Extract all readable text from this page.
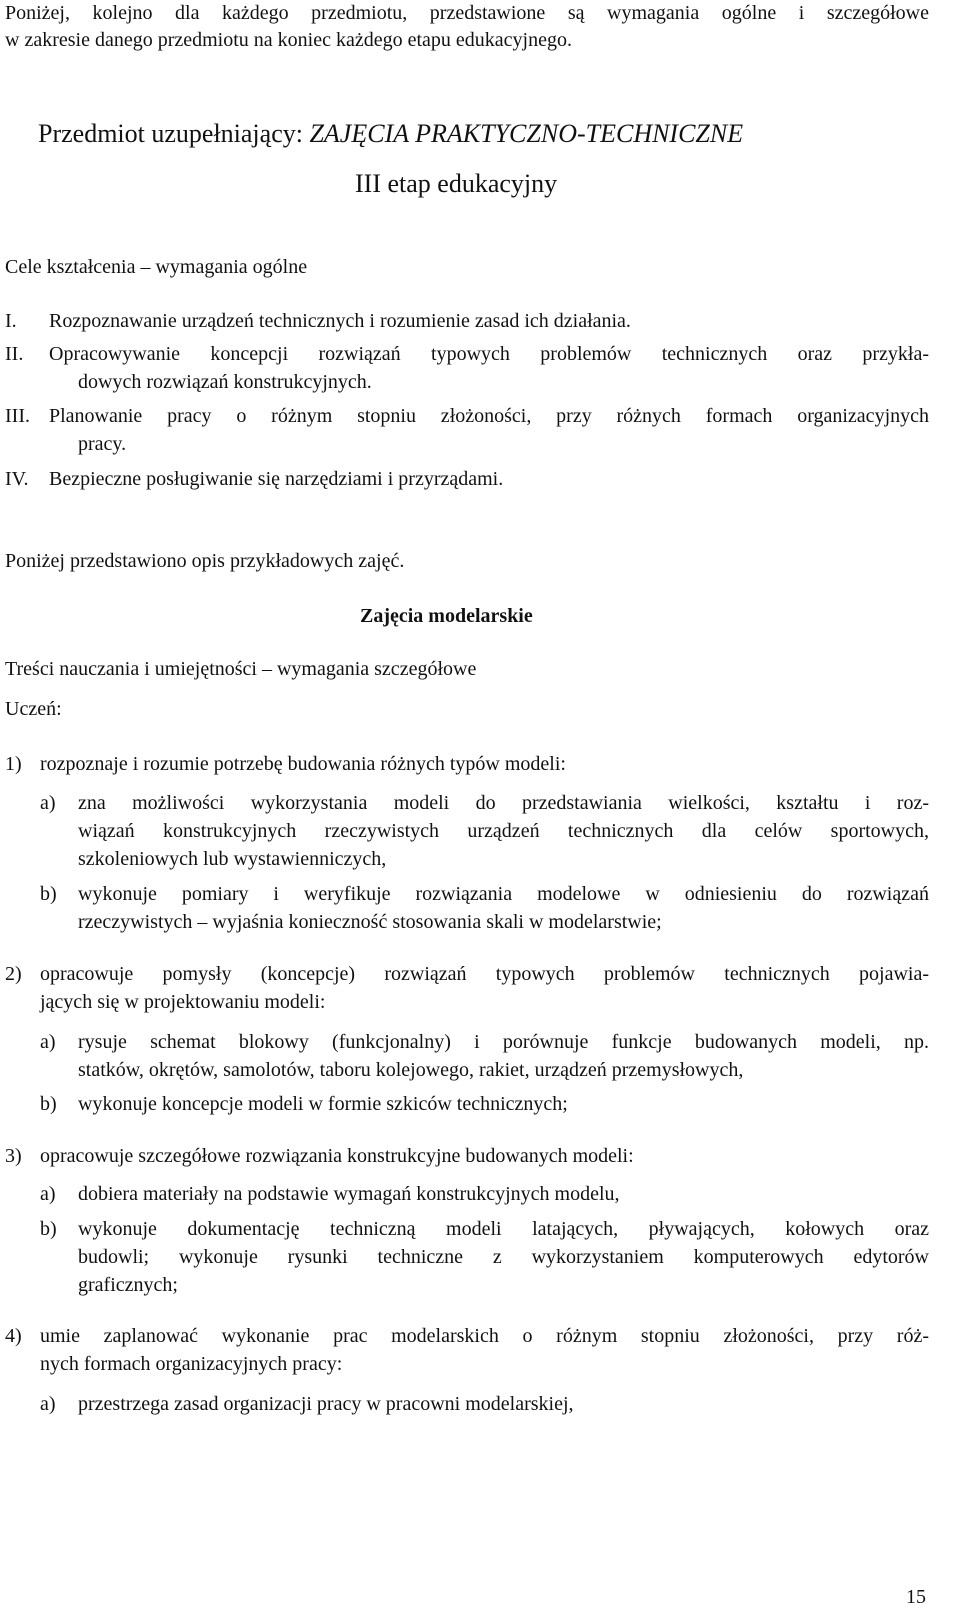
Poniżej, kolejno dla każdego przedmiotu, przedstawione są wymagania ogólne i szczegółowe
w zakresie danego przedmiotu na koniec każdego etapu edukacyjnego.
Przedmiot uzupełniający: ZAJĘCIA PRAKTYCZNO-TECHNICZNE
III etap edukacyjny
Cele kształcenia – wymagania ogólne
I. Rozpoznawanie urządzeń technicznych i rozumienie zasad ich działania.
II. Opracowywanie koncepcji rozwiązań typowych problemów technicznych oraz przykła-
dowych rozwiązań konstrukcyjnych.
III. Planowanie pracy o różnym stopniu złożoności, przy różnych formach organizacyjnych
pracy.
IV. Bezpieczne posługiwanie się narzędziami i przyrządami.
Poniżej przedstawiono opis przykładowych zajęć.
Zajęcia modelarskie
Treści nauczania i umiejętności – wymagania szczegółowe
Uczeń:
1) rozpoznaje i rozumie potrzebę budowania różnych typów modeli:
a) zna możliwości wykorzystania modeli do przedstawiania wielkości, kształtu i roz-
wiązań konstrukcyjnych rzeczywistych urządzeń technicznych dla celów sportowych,
szkoleniowych lub wystawienniczych,
b) wykonuje pomiary i weryfikuje rozwiązania modelowe w odniesieniu do rozwiązań
rzeczywistych – wyjaśnia konieczność stosowania skali w modelarstwie;
2) opracowuje pomysły (koncepcje) rozwiązań typowych problemów technicznych pojawia-
jących się w projektowaniu modeli:
a) rysuje schemat blokowy (funkcjonalny) i porównuje funkcje budowanych modeli, np.
statków, okrętów, samolotów, taboru kolejowego, rakiet, urządzeń przemysłowych,
b) wykonuje koncepcje modeli w formie szkiców technicznych;
3) opracowuje szczegółowe rozwiązania konstrukcyjne budowanych modeli:
a) dobiera materiały na podstawie wymagań konstrukcyjnych modelu,
b) wykonuje dokumentację techniczną modeli latających, pływających, kołowych oraz
budowli; wykonuje rysunki techniczne z wykorzystaniem komputerowych edytorów
graficznych;
4) umie zaplanować wykonanie prac modelarskich o różnym stopniu złożoności, przy róż-
nych formach organizacyjnych pracy:
a) przestrzega zasad organizacji pracy w pracowni modelarskiej,
15
